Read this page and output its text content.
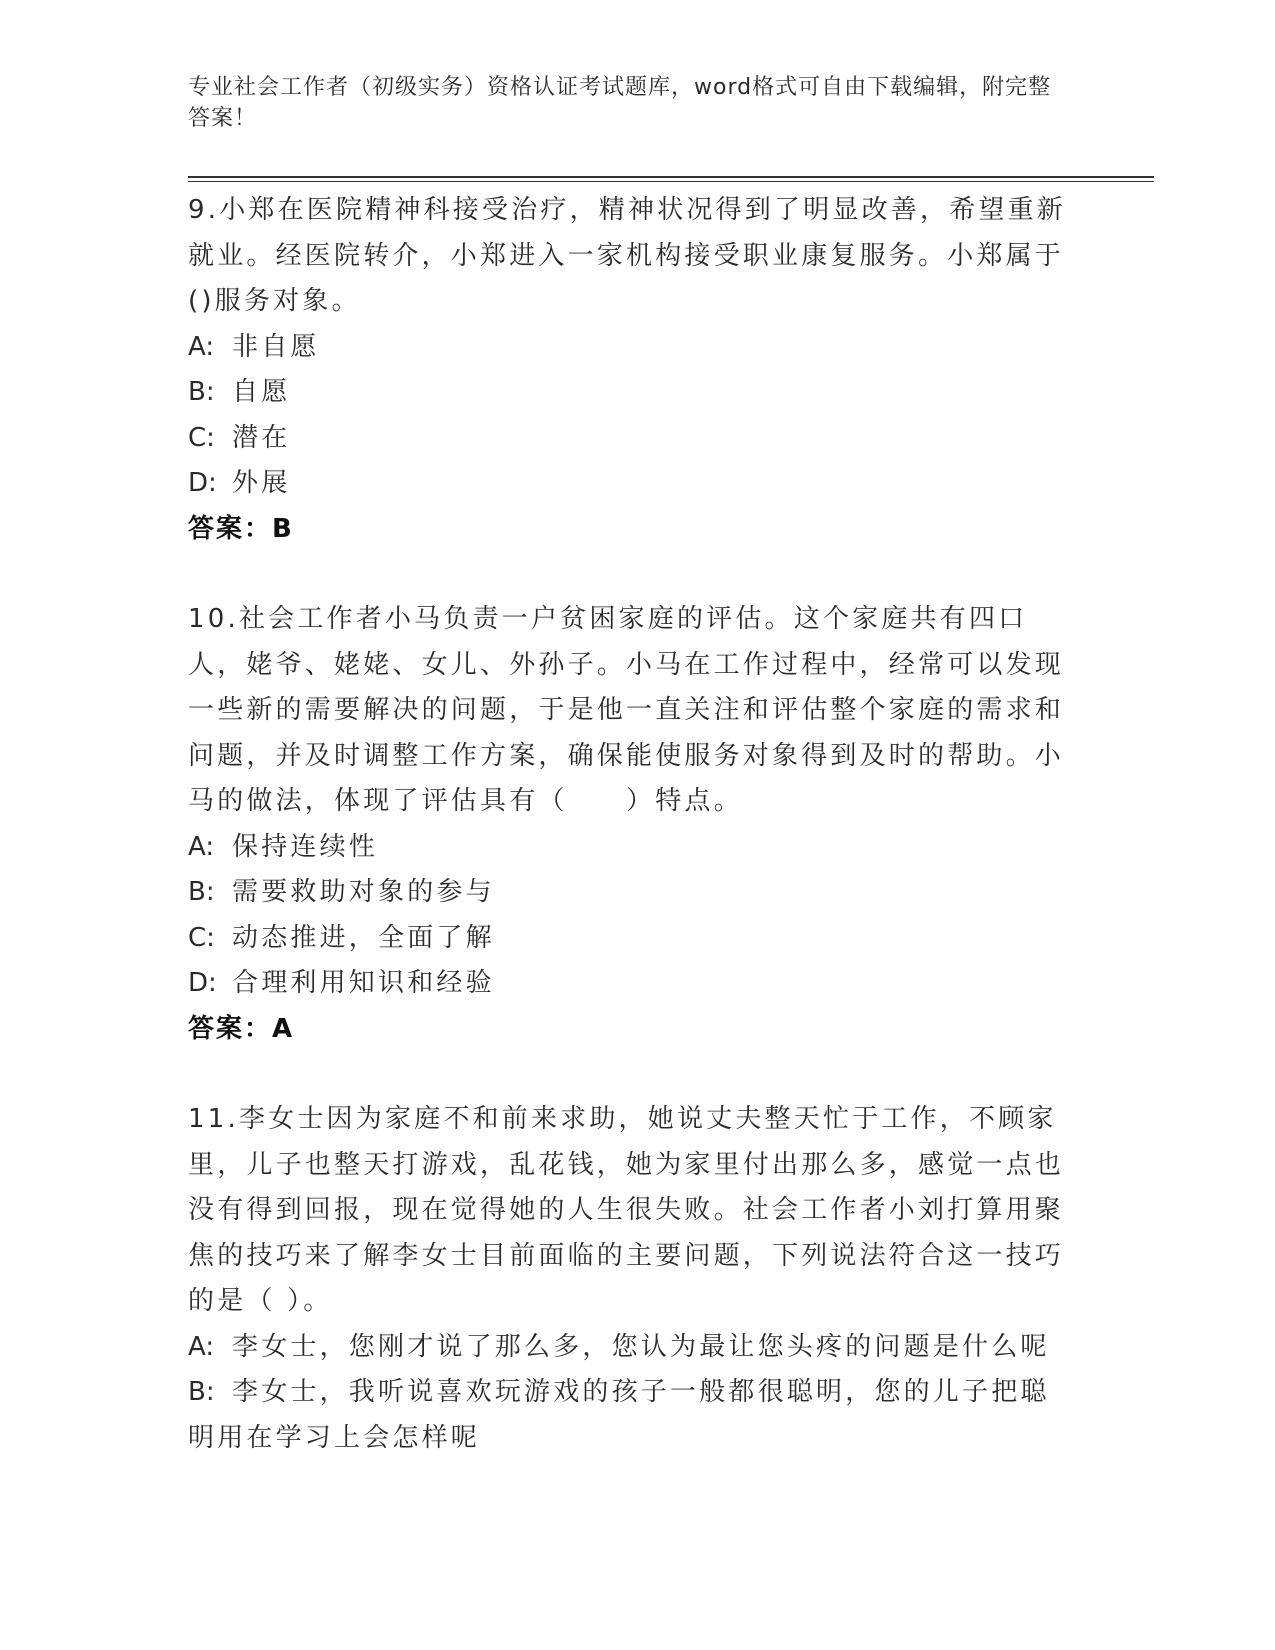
专业社会工作者（初级实务）资格认证考试题库，word格式可自由下载编辑，附完整答案！

9.小郑在医院精神科接受治疗，精神状况得到了明显改善，希望重新就业。经医院转介，小郑进入一家机构接受职业康复服务。小郑属于()服务对象。

A: 非自愿
B: 自愿
C: 潜在
D: 外展
答案：B

10.社会工作者小马负责一户贫困家庭的评估。这个家庭共有四口人，姥爷、姥姥、女儿、外孙子。小马在工作过程中，经常可以发现一些新的需要解决的问题，于是他一直关注和评估整个家庭的需求和问题，并及时调整工作方案，确保能使服务对象得到及时的帮助。小马的做法，体现了评估具有（　　）特点。

A: 保持连续性
B: 需要救助对象的参与
C: 动态推进，全面了解
D: 合理利用知识和经验
答案：A

11.李女士因为家庭不和前来求助，她说丈夫整天忙于工作，不顾家里，儿子也整天打游戏，乱花钱，她为家里付出那么多，感觉一点也没有得到回报，现在觉得她的人生很失败。社会工作者小刘打算用聚焦的技巧来了解李女士目前面临的主要问题，下列说法符合这一技巧的是（ ）。

A: 李女士，您刚才说了那么多，您认为最让您头疼的问题是什么呢
B: 李女士，我听说喜欢玩游戏的孩子一般都很聪明，您的儿子把聪明用在学习上会怎样呢
